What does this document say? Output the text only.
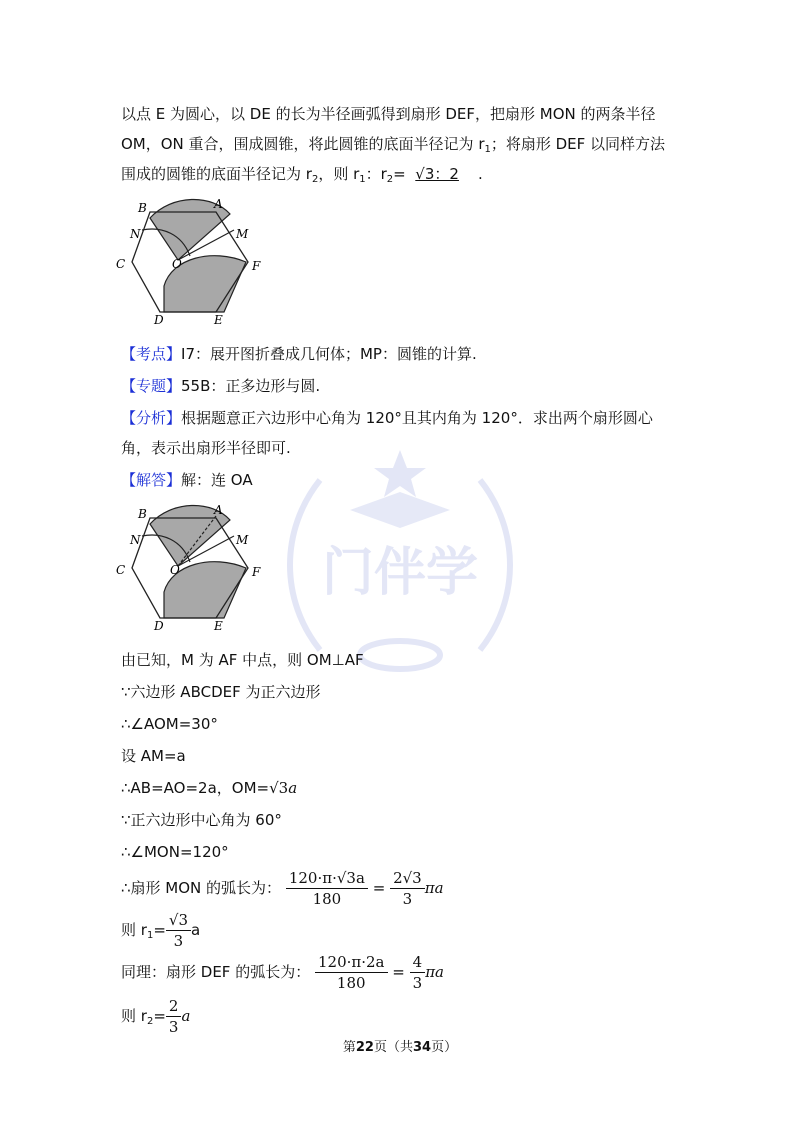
门伴学
以点 E 为圆心，以 DE 的长为半径画弧得到扇形 DEF，把扇形 MON 的两条半径
OM，ON 重合，围成圆锥，将此圆锥的底面半径记为 $r_1$；将扇形 DEF 以同样方法
围成的圆锥的底面半径记为 $r_2$，则 $r_1$：$r_2= √3$：2 .
B	A
N	M
C	O	F
D	E
【考点】I7：展开图折叠成几何体；MP：圆锥的计算.
【专题】55B：正多边形与圆.
【分析】根据题意正六边形中心角为 120°且其内角为 120°．求出两个扇形圆心
角，表示出扇形半径即可.
【解答】解：连 OA
B	A
N	M
C	O	F
D	E
由已知，M 为 AF 中点，则 OM⊥AF
∵六边形 ABCDEF 为正六边形
∴∠AOM=30°
设 AM=a
∴AB=AO=2a，OM=√3a
∵正六边形中心角为 60°
∴∠MON=120°
∴扇形 MON 的弧长为： $\frac{120\cdot\pi\cdot√3a}{180} = \frac{2√3}{3}$ πa
则 $r_1= \frac{√3}{3}$ a
同理：扇形 DEF 的弧长为： $\frac{120\cdot\pi\cdot 2a}{180} = \frac{4}{3}$ πa
则 $r_2= \frac{2}{3}$ a
第22页（共34页）
